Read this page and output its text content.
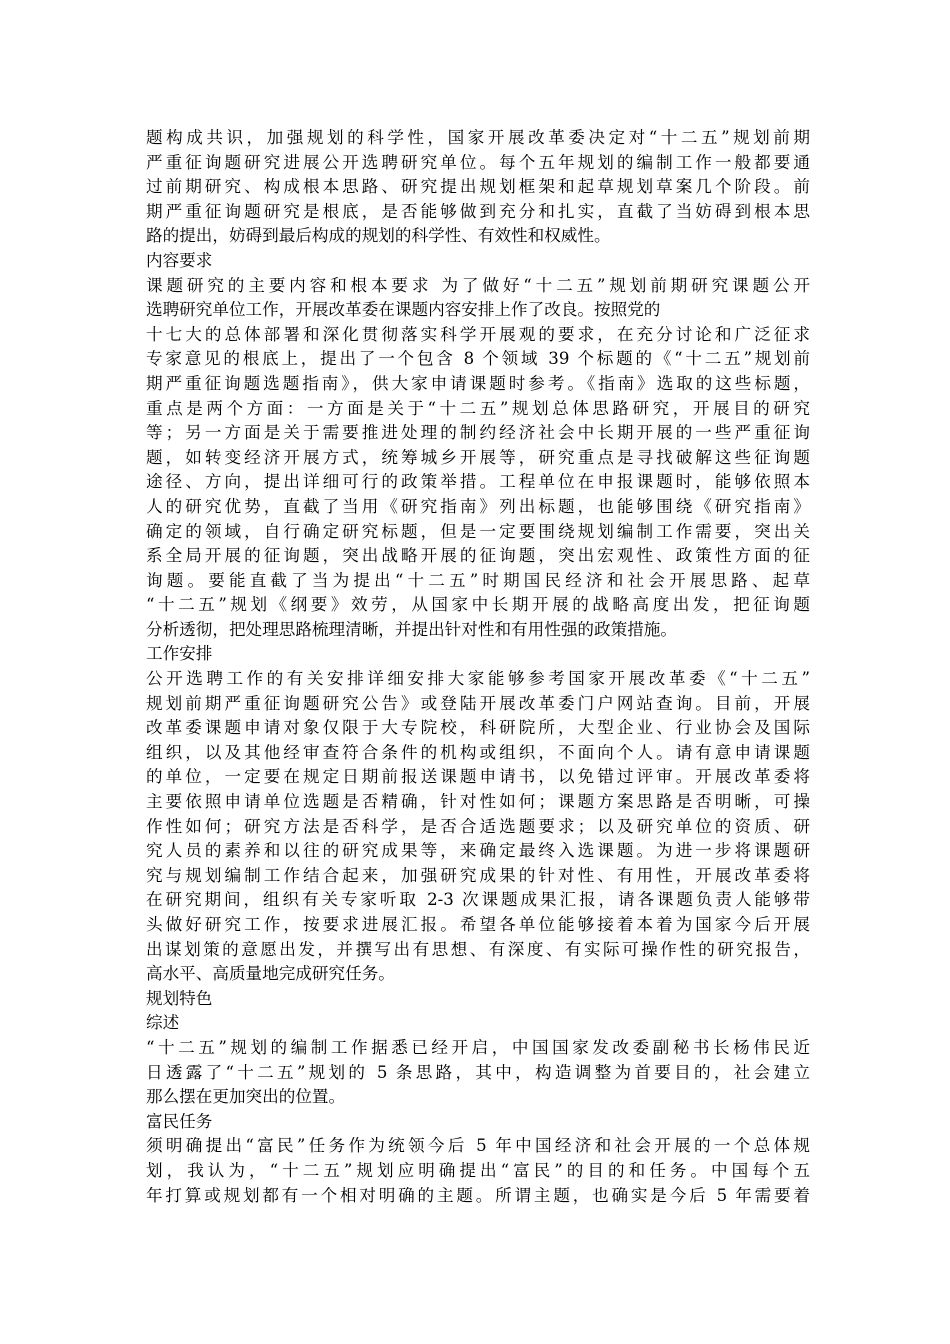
题构成共识，加强规划的科学性，国家开展改革委决定对“十二五”规划前期
严重征询题研究进展公开选聘研究单位。每个五年规划的编制工作一般都要通
过前期研究、构成根本思路、研究提出规划框架和起草规划草案几个阶段。前
期严重征询题研究是根底，是否能够做到充分和扎实，直截了当妨碍到根本思
路的提出，妨碍到最后构成的规划的科学性、有效性和权威性。
内容要求
课题研究的主要内容和根本要求 为了做好“十二五”规划前期研究课题公开
选聘研究单位工作，开展改革委在课题内容安排上作了改良。按照党的
十七大的总体部署和深化贯彻落实科学开展观的要求，在充分讨论和广泛征求
专家意见的根底上，提出了一个包含 8 个领域 39 个标题的《“十二五”规划前
期严重征询题选题指南》，供大家申请课题时参考。《指南》选取的这些标题，
重点是两个方面：一方面是关于“十二五”规划总体思路研究，开展目的研究
等；另一方面是关于需要推进处理的制约经济社会中长期开展的一些严重征询
题，如转变经济开展方式，统筹城乡开展等，研究重点是寻找破解这些征询题
途径、方向，提出详细可行的政策举措。工程单位在申报课题时，能够依照本
人的研究优势，直截了当用《研究指南》列出标题，也能够围绕《研究指南》
确定的领域，自行确定研究标题，但是一定要围绕规划编制工作需要，突出关
系全局开展的征询题，突出战略开展的征询题，突出宏观性、政策性方面的征
询题。要能直截了当为提出“十二五”时期国民经济和社会开展思路、起草
“十二五”规划《纲要》效劳，从国家中长期开展的战略高度出发，把征询题
分析透彻，把处理思路梳理清晰，并提出针对性和有用性强的政策措施。
工作安排
公开选聘工作的有关安排详细安排大家能够参考国家开展改革委《“十二五”
规划前期严重征询题研究公告》或登陆开展改革委门户网站查询。目前，开展
改革委课题申请对象仅限于大专院校，科研院所，大型企业、行业协会及国际
组织，以及其他经审查符合条件的机构或组织，不面向个人。请有意申请课题
的单位，一定要在规定日期前报送课题申请书，以免错过评审。开展改革委将
主要依照申请单位选题是否精确，针对性如何；课题方案思路是否明晰，可操
作性如何；研究方法是否科学，是否合适选题要求；以及研究单位的资质、研
究人员的素养和以往的研究成果等，来确定最终入选课题。为进一步将课题研
究与规划编制工作结合起来，加强研究成果的针对性、有用性，开展改革委将
在研究期间，组织有关专家听取 2-3 次课题成果汇报，请各课题负责人能够带
头做好研究工作，按要求进展汇报。希望各单位能够接着本着为国家今后开展
出谋划策的意愿出发，并撰写出有思想、有深度、有实际可操作性的研究报告，
高水平、高质量地完成研究任务。
规划特色
综述
“十二五”规划的编制工作据悉已经开启，中国国家发改委副秘书长杨伟民近
日透露了“十二五”规划的 5 条思路，其中，构造调整为首要目的，社会建立
那么摆在更加突出的位置。
富民任务
须明确提出“富民”任务作为统领今后 5 年中国经济和社会开展的一个总体规
划，我认为，“十二五”规划应明确提出“富民”的目的和任务。中国每个五
年打算或规划都有一个相对明确的主题。所谓主题，也确实是今后 5 年需要着
